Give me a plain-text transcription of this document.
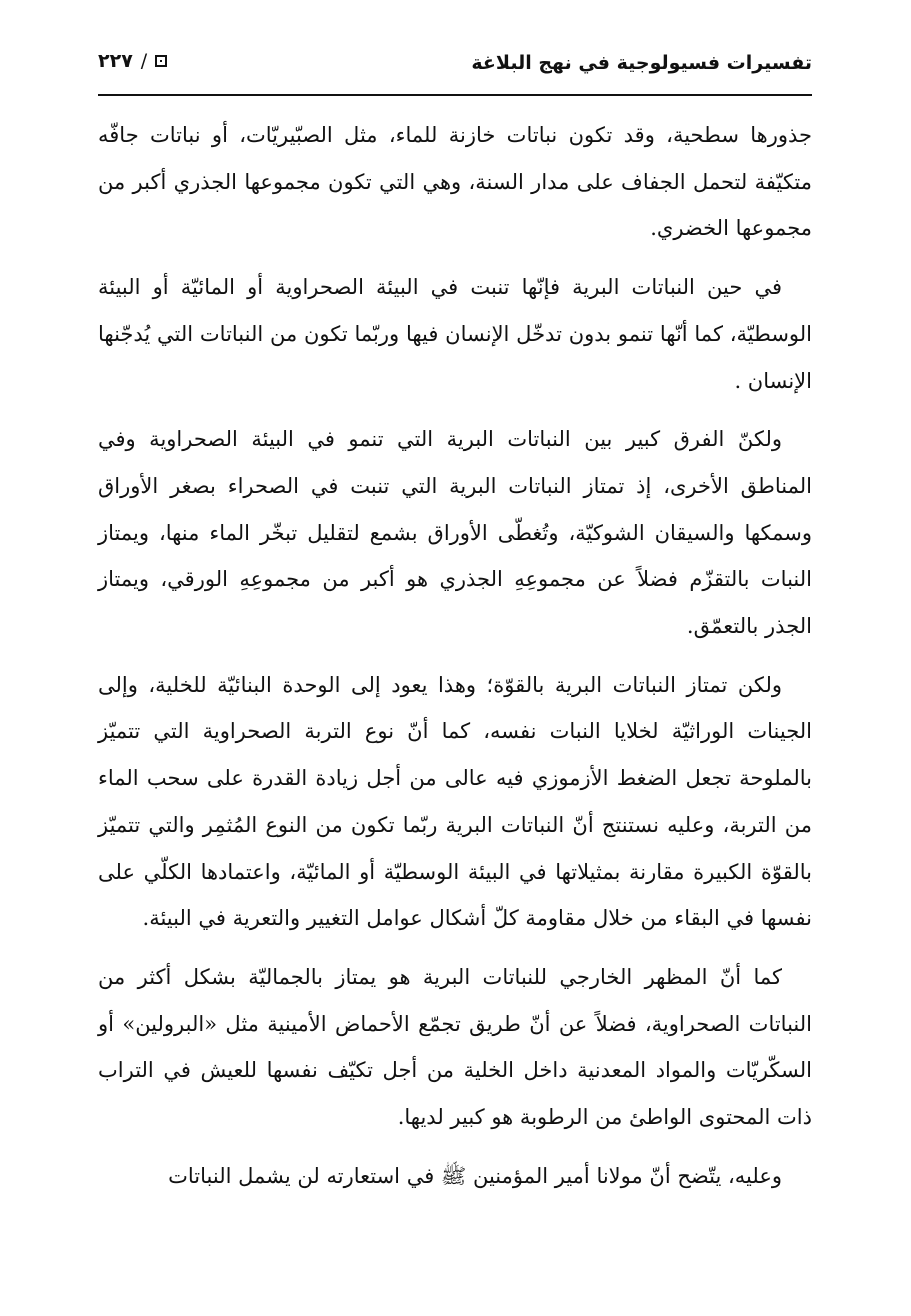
تفسيرات فسيولوجية في نهج البلاغة
٢٢٧ /

جذورها سطحية، وقد تكون نباتات خازنة للماء، مثل الصبّيريّات، أو نباتات جافّه متكيّفة لتحمل الجفاف على مدار السنة، وهي التي تكون مجموعها الجذري أكبر من مجموعها الخضري.

في حين النباتات البرية فإنّها تنبت في البيئة الصحراوية أو المائيّة أو البيئة الوسطيّة، كما أنّها تنمو بدون تدخّل الإنسان فيها وربّما تكون من النباتات التي يُدجّنها الإنسان .

ولكنّ الفرق كبير بين النباتات البرية التي تنمو في البيئة الصحراوية وفي المناطق الأخرى، إذ تمتاز النباتات البرية التي تنبت في الصحراء بصغر الأوراق وسمكها والسيقان الشوكيّة، وتُغطّى الأوراق بشمع لتقليل تبخّر الماء منها، ويمتاز النبات بالتقزّم فضلاً عن مجموعِهِ الجذري هو أكبر من مجموعِهِ الورقي، ويمتاز الجذر بالتعمّق.

ولكن تمتاز النباتات البرية بالقوّة؛ وهذا يعود إلى الوحدة البنائيّة للخلية، وإلى الجينات الوراثيّة لخلايا النبات نفسه، كما أنّ نوع التربة الصحراوية التي تتميّز بالملوحة تجعل الضغط الأزموزي فيه عالى من أجل زيادة القدرة على سحب الماء من التربة، وعليه نستنتج أنّ النباتات البرية ربّما تكون من النوع المُثمِر والتي تتميّز بالقوّة الكبيرة مقارنة بمثيلاتها في البيئة الوسطيّة أو المائيّة، واعتمادها الكلّي على نفسها في البقاء من خلال مقاومة كلّ أشكال عوامل التغيير والتعرية في البيئة.

كما أنّ المظهر الخارجي للنباتات البرية هو يمتاز بالجماليّة بشكل أكثر من النباتات الصحراوية، فضلاً عن أنّ طريق تجمّع الأحماض الأمينية مثل «البرولين» أو السكّريّات والمواد المعدنية داخل الخلية من أجل تكيّف نفسها للعيش في التراب ذات المحتوى الواطئ من الرطوبة هو كبير لديها.

وعليه، يتّضح أنّ مولانا أمير المؤمنين ﷺ في استعارته لن يشمل النباتات
